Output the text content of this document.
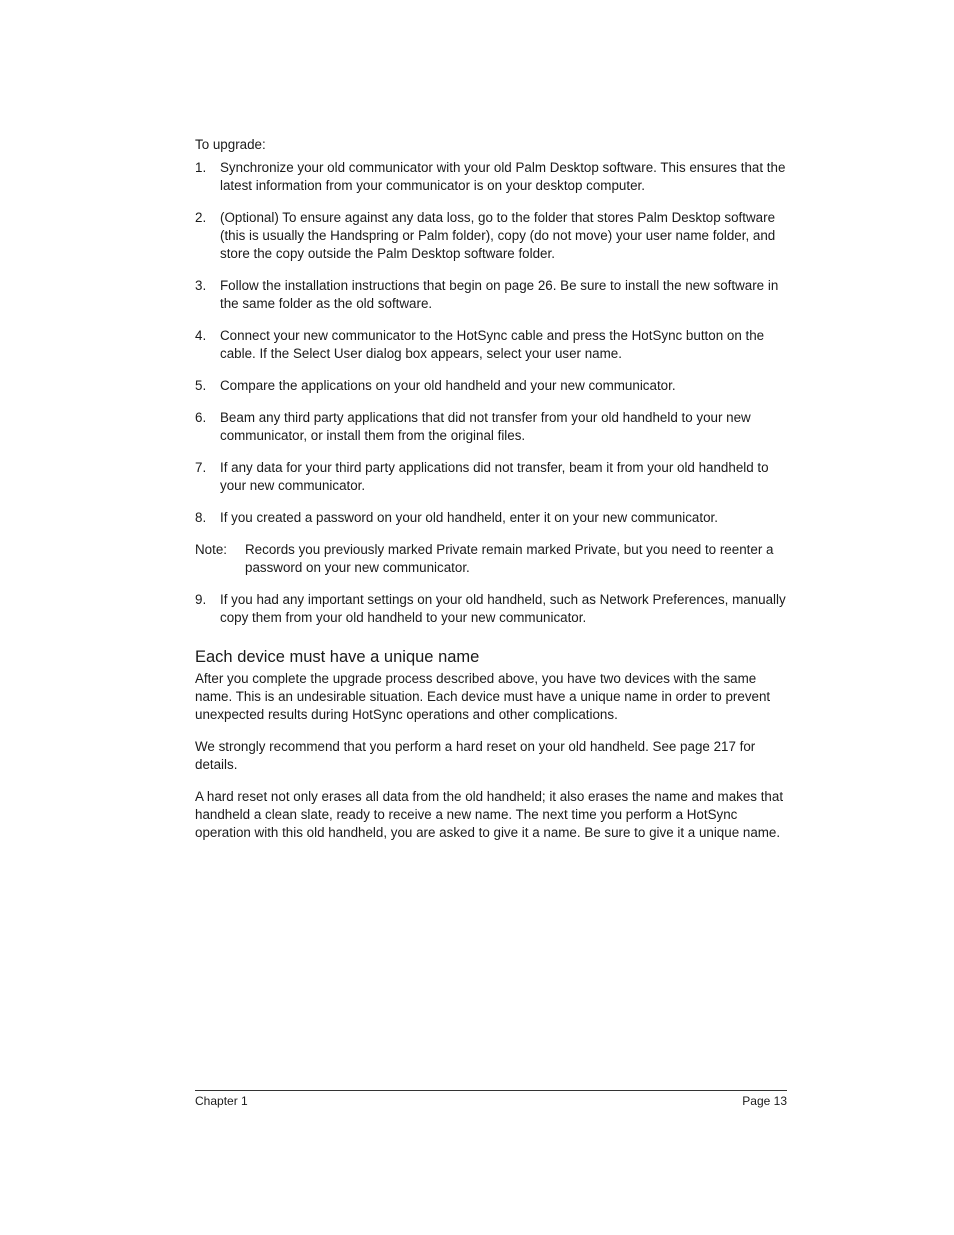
To upgrade:

1.	Synchronize your old communicator with your old Palm Desktop software. This ensures that the latest information from your communicator is on your desktop computer.
2.	(Optional) To ensure against any data loss, go to the folder that stores Palm Desktop software (this is usually the Handspring or Palm folder), copy (do not move) your user name folder, and store the copy outside the Palm Desktop software folder.
3.	Follow the installation instructions that begin on page 26. Be sure to install the new software in the same folder as the old software.
4.	Connect your new communicator to the HotSync cable and press the HotSync button on the cable. If the Select User dialog box appears, select your user name.
5.	Compare the applications on your old handheld and your new communicator.
6.	Beam any third party applications that did not transfer from your old handheld to your new communicator, or install them from the original files.
7.	If any data for your third party applications did not transfer, beam it from your old handheld to your new communicator.
8.	If you created a password on your old handheld, enter it on your new communicator.
Note:	Records you previously marked Private remain marked Private, but you need to reenter a password on your new communicator.
9.	If you had any important settings on your old handheld, such as Network Preferences, manually copy them from your old handheld to your new communicator.
Each device must have a unique name

After you complete the upgrade process described above, you have two devices with the same name. This is an undesirable situation. Each device must have a unique name in order to prevent unexpected results during HotSync operations and other complications.

We strongly recommend that you perform a hard reset on your old handheld. See page 217 for details.

A hard reset not only erases all data from the old handheld; it also erases the name and makes that handheld a clean slate, ready to receive a new name. The next time you perform a HotSync operation with this old handheld, you are asked to give it a name. Be sure to give it a unique name.

Chapter 1	Page 13
